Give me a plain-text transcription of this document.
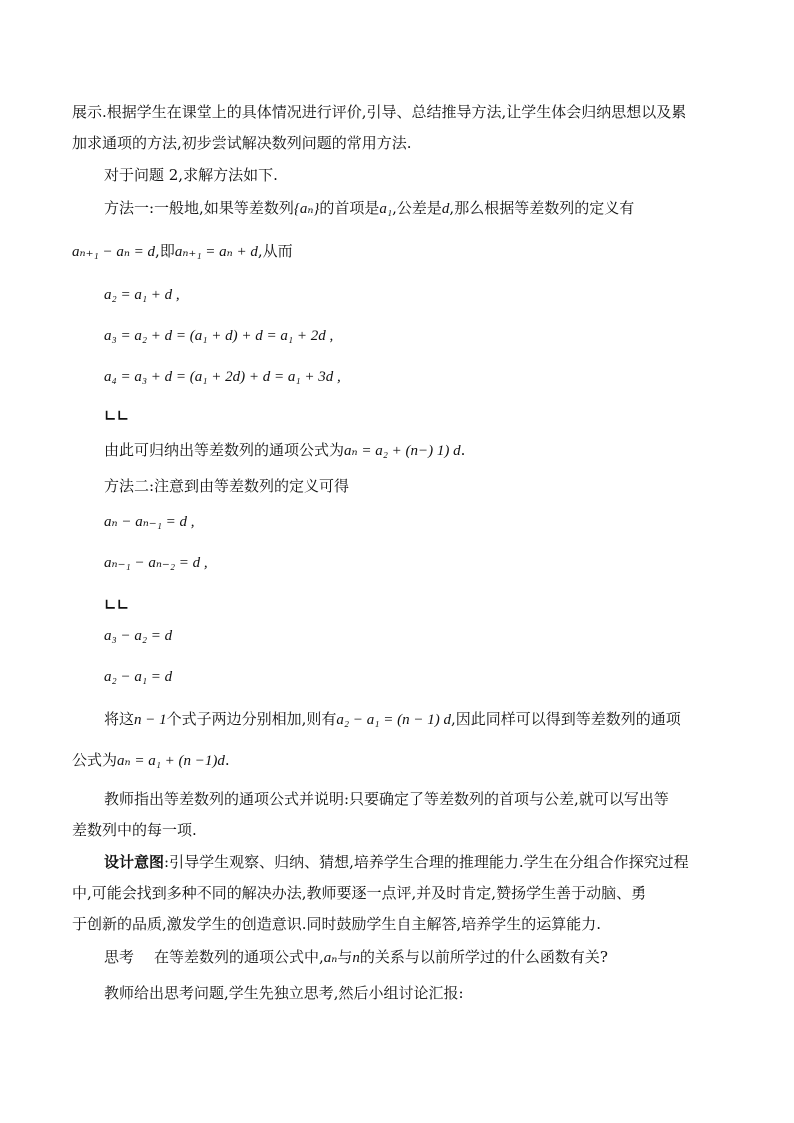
展示.根据学生在课堂上的具体情况进行评价,引导、总结推导方法,让学生体会归纳思想以及累
加求通项的方法,初步尝试解决数列问题的常用方法.
对于问题 2,求解方法如下.
方法一:一般地,如果等差数列{aₙ}的首项是a₁,公差是d,那么根据等差数列的定义有
aₙ₊₁ − aₙ = d,即aₙ₊₁ = aₙ + d,从而
a₂ = a₁ + d ,
a₃ = a₂ + d = (a₁ + d) + d = a₁ + 2d ,
a₄ = a₃ + d = (a₁ + 2d) + d = a₁ + 3d ,
∟∟
由此可归纳出等差数列的通项公式为aₙ = a₂ + (n−) 1) d.
方法二:注意到由等差数列的定义可得
aₙ − aₙ₋₁ = d ,
aₙ₋₁ − aₙ₋₂ = d ,
∟∟
a₃ − a₂ = d
a₂ − a₁ = d
将这n − 1个式子两边分别相加,则有a₂ − a₁ = (n − 1) d,因此同样可以得到等差数列的通项
公式为aₙ = a₁ + (n −1)d.
教师指出等差数列的通项公式并说明:只要确定了等差数列的首项与公差,就可以写出等
差数列中的每一项.
设计意图:引导学生观察、归纳、猜想,培养学生合理的推理能力.学生在分组合作探究过程
中,可能会找到多种不同的解决办法,教师要逐一点评,并及时肯定,赞扬学生善于动脑、勇
于创新的品质,激发学生的创造意识.同时鼓励学生自主解答,培养学生的运算能力.
思考 在等差数列的通项公式中,aₙ与n的关系与以前所学过的什么函数有关?
教师给出思考问题,学生先独立思考,然后小组讨论汇报:
